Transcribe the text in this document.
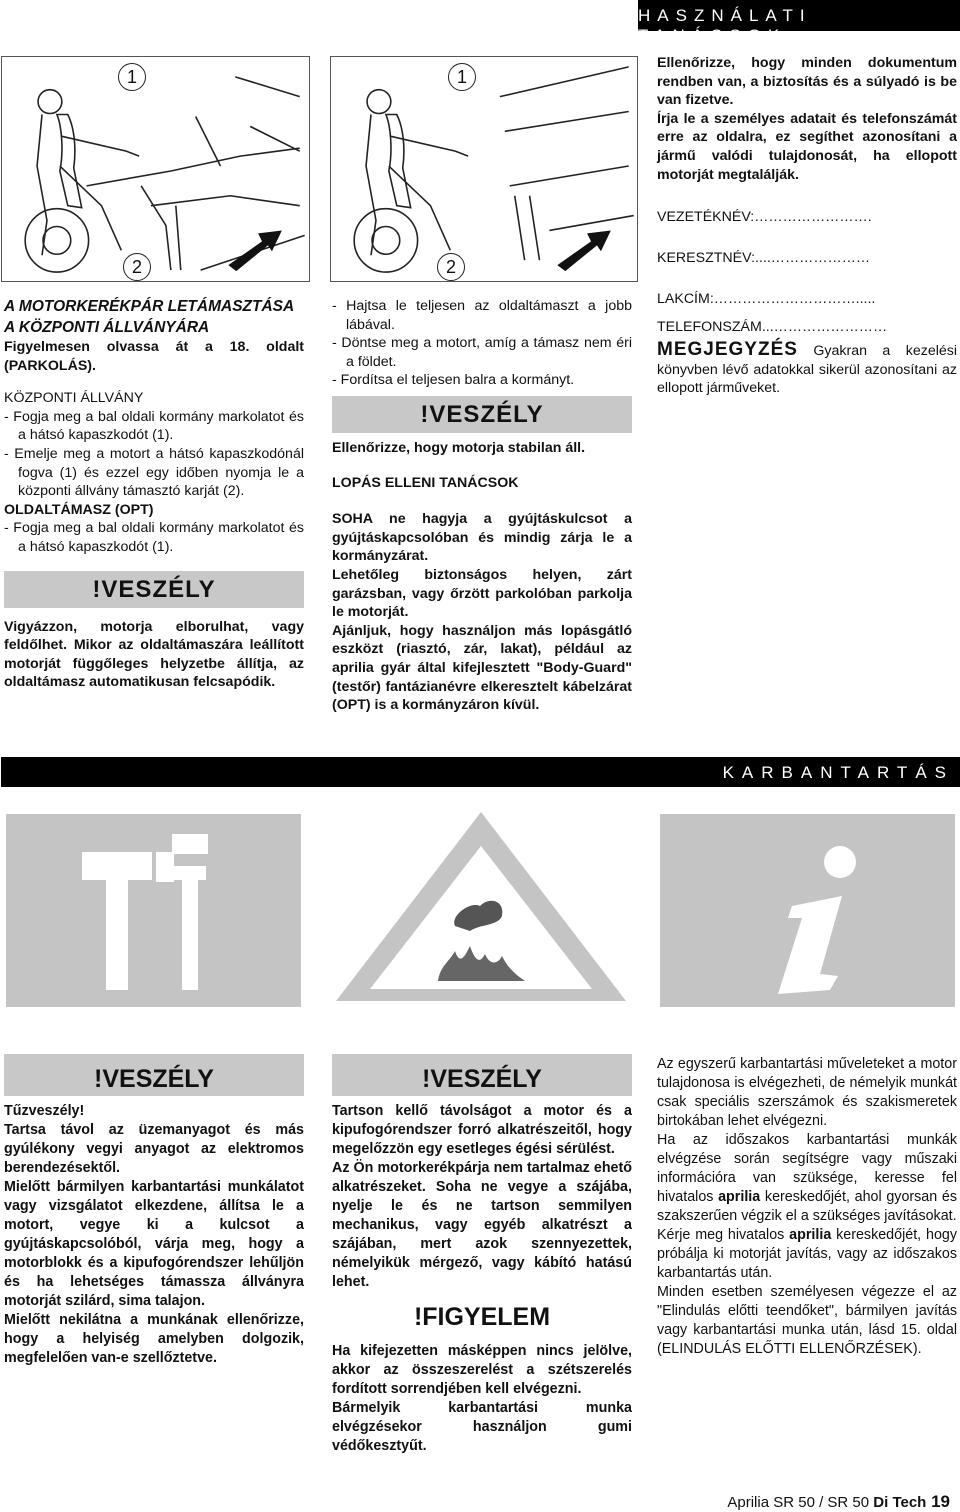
HASZNÁLATI TANÁCSOK
1
2
1
2

A MOTORKERÉKPÁR LETÁMASZTÁSA A KÖZPONTI ÁLLVÁNYÁRA

Figyelmesen olvassa át a 18. oldalt (PARKOLÁS).

KÖZPONTI ÁLLVÁNY

- Fogja meg a bal oldali kormány markolatot és a hátsó kapaszkodót (1).

- Emelje meg a motort a hátsó kapaszkodónál fogva (1) és ezzel egy időben nyomja le a központi állvány támasztó karját (2).

OLDALTÁMASZ (OPT)

- Fogja meg a bal oldali kormány markolatot és a hátsó kapaszkodót (1).

!VESZÉLY

Vigyázzon, motorja elborulhat, vagy feldőlhet. Mikor az oldaltámaszára leállított motorját függőleges helyzetbe állítja, az oldaltámasz automatikusan felcsapódik.

- Hajtsa le teljesen az oldaltámaszt a jobb lábával.

- Döntse meg a motort, amíg a támasz nem éri a földet.

- Fordítsa el teljesen balra a kormányt.

!VESZÉLY

Ellenőrizze, hogy motorja stabilan áll.

LOPÁS ELLENI TANÁCSOK

SOHA ne hagyja a gyújtáskulcsot a gyújtáskapcsolóban és mindig zárja le a kormányzárat.

Lehetőleg biztonságos helyen, zárt garázsban, vagy őrzött parkolóban parkolja le motorját.

Ajánljuk, hogy használjon más lopásgátló eszközt (riasztó, zár, lakat), például az aprilia gyár által kifejlesztett "Body-Guard" (testőr) fantázianévre elkeresztelt kábelzárat (OPT) is a kormányzáron kívül.

Ellenőrizze, hogy minden dokumentum rendben van, a biztosítás és a súlyadó is be van fizetve.

Írja le a személyes adatait és telefonszámát erre az oldalra, ez segíthet azonosítani a jármű valódi tulajdonosát, ha ellopott motorját megtalálják.

VEZETÉKNÉV:…………………….

KERESZTNÉV:....…………………

LAKCÍM:………………………….....

TELEFONSZÁM...……………………

MEGJEGYZÉS Gyakran a kezelési könyvben lévő adatokkal sikerül azonosítani az ellopott járműveket.

KARBANTARTÁS
!VESZÉLY

Tűzveszély!

Tartsa távol az üzemanyagot és más gyúlékony vegyi anyagot az elektromos berendezésektől.

Mielőtt bármilyen karbantartási munkálatot vagy vizsgálatot elkezdene, állítsa le a motort, vegye ki a kulcsot a gyújtáskapcsolóból, várja meg, hogy a motorblokk és a kipufogórendszer lehűljön és ha lehetséges támassza állványra motorját szilárd, sima talajon.

Mielőtt nekilátna a munkának ellenőrizze, hogy a helyiség amelyben dolgozik, megfelelően van-e szellőztetve.

!VESZÉLY

Tartson kellő távolságot a motor és a kipufogórendszer forró alkatrészeitől, hogy megelőzzön egy esetleges égési sérülést.

Az Ön motorkerékpárja nem tartalmaz ehető alkatrészeket. Soha ne vegye a szájába, nyelje le és ne tartson semmilyen mechanikus, vagy egyéb alkatrészt a szájában, mert azok szennyezettek, némelyikük mérgező, vagy kábító hatású lehet.

!FIGYELEM

Ha kifejezetten másképpen nincs jelölve, akkor az összeszerelést a szétszerelés fordított sorrendjében kell elvégezni.

Bármelyik karbantartási munka elvégzésekor használjon gumi védőkesztyűt.

Az egyszerű karbantartási műveleteket a motor tulajdonosa is elvégezheti, de némelyik munkát csak speciális szerszámok és szakismeretek birtokában lehet elvégezni.

Ha az időszakos karbantartási munkák elvégzése során segítségre vagy műszaki információra van szüksége, keresse fel hivatalos aprilia kereskedőjét, ahol gyorsan és szakszerűen végzik el a szükséges javításokat.

Kérje meg hivatalos aprilia kereskedőjét, hogy próbálja ki motorját javítás, vagy az időszakos karbantartás után.

Minden esetben személyesen végezze el az "Elindulás előtti teendőket", bármilyen javítás vagy karbantartási munka után, lásd 15. oldal (ELINDULÁS ELŐTTI ELLENŐRZÉSEK).

Aprilia SR 50 / SR 50 Di Tech 19
